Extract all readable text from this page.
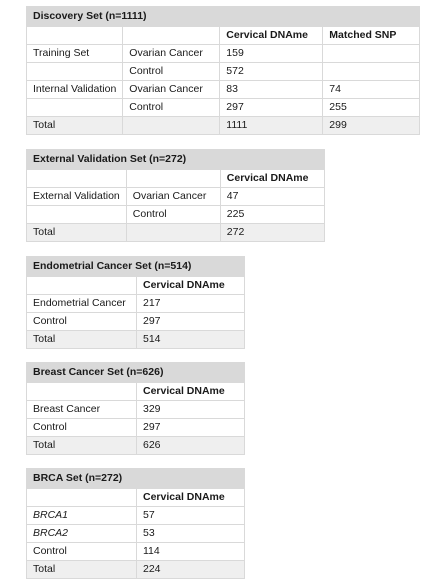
Discovery Set (n=1111)			
		Cervical DNAme	Matched SNP
Training Set	Ovarian Cancer	159	
	Control	572	
Internal Validation	Ovarian Cancer	83	74
	Control	297	255
Total		1111	299
External Validation Set (n=272)		
		Cervical DNAme
External Validation	Ovarian Cancer	47
	Control	225
Total		272
Endometrial Cancer Set (n=514)	
	Cervical DNAme
Endometrial Cancer	217
Control	297
Total	514
Breast Cancer Set (n=626)	
	Cervical DNAme
Breast Cancer	329
Control	297
Total	626
BRCA Set (n=272)	
	Cervical DNAme
BRCA1	57
BRCA2	53
Control	114
Total	224
